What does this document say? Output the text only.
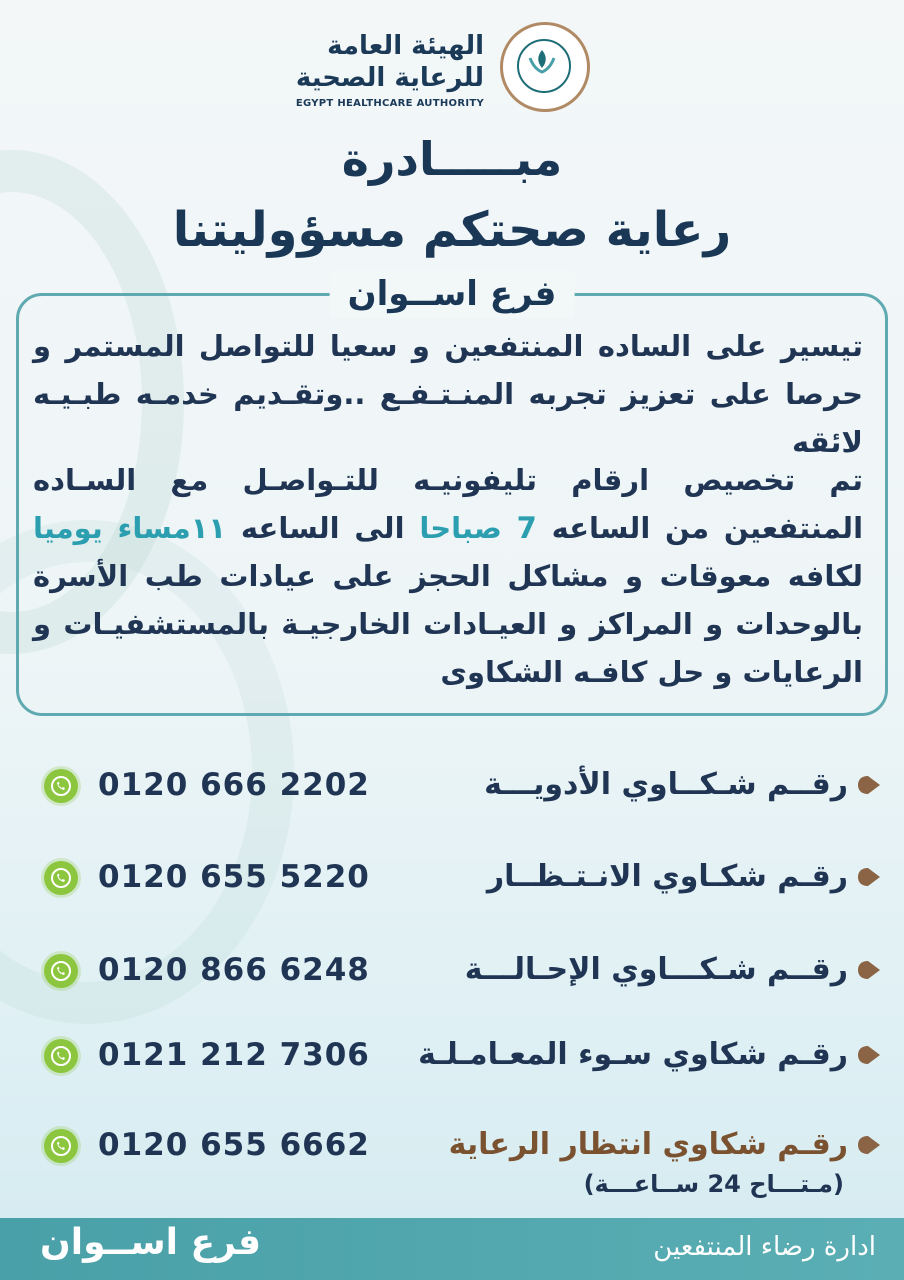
الهيئة العامة
للرعاية الصحية
EGYPT HEALTHCARE AUTHORITY
مبـــــادرة
رعاية صحتكم مسؤوليتنا
فرع اســوان
تيسير على الساده المنتفعين و سعيا للتواصل المستمر و حرصا على تعزيز تجربه المنـتـفـع ..وتقـديم خدمـه طبـيـه لائقه
تم تخصيص ارقام تليفونيـه للتـواصـل مع السـاده المنتفعين من الساعه 7 صباحا الى الساعه ١١مساء يوميا لكافه معوقات و مشاكل الحجز على عيادات طب الأسرة بالوحدات و المراكز و العيـادات الخارجيـة بالمستشفيـات و الرعايات و حل كافـه الشكاوى
رقــم شـكــاوي الأدويـــة
0120 666 2202
رقـم شكـاوي الانـتـظــار
0120 655 5220
رقــم شـكـــاوي الإحـالـــة
0120 866 6248
رقـم شكاوي سـوء المعـامـلـة
0121 212 7306
رقـم شكاوي انتظار الرعاية
(مـتـــاح 24 ســاعـــة)
0120 655 6662
فرع اســوان	ادارة رضاء المنتفعين
